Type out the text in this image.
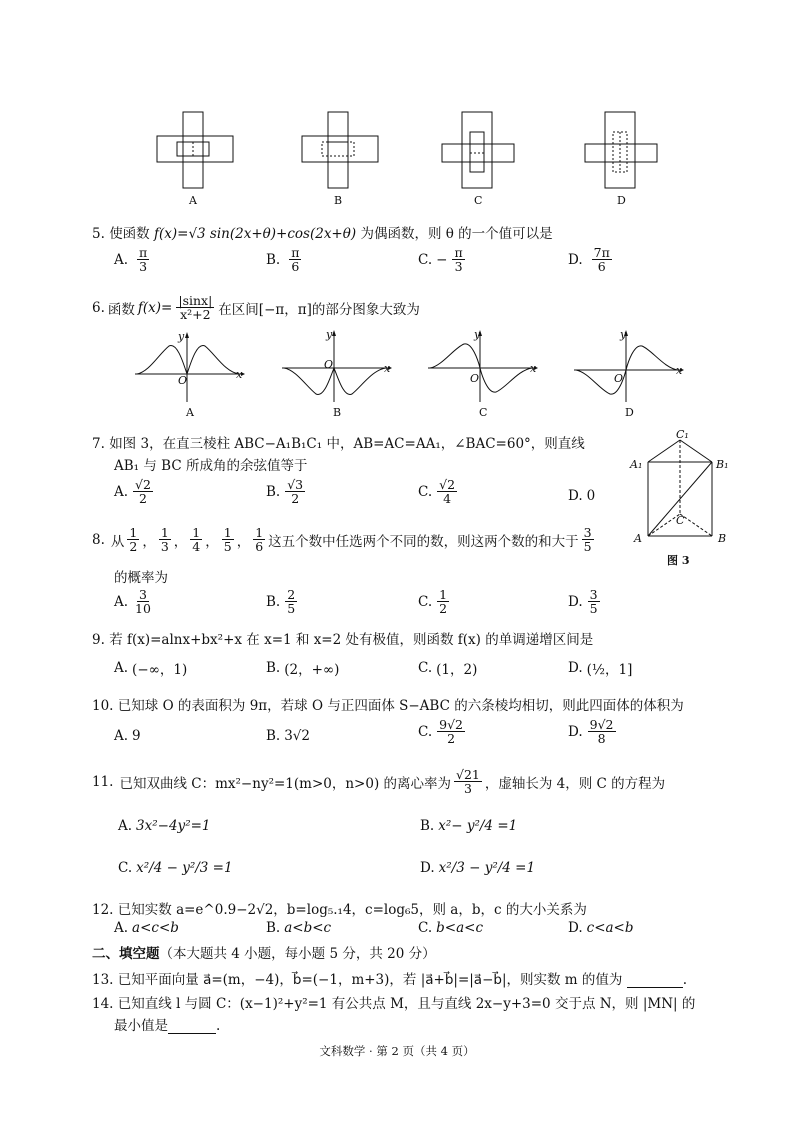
A	B	C	D
5. 使函数 f(x)=√3 sin(2x+θ)+cos(2x+θ) 为偶函数，则 θ 的一个值可以是
A. $\frac{\pi}{3}$	B. $\frac{\pi}{6}$	C. − $\frac{\pi}{3}$	D. $\frac{7\pi}{6}$
6. 函数 $f(x)= \frac{|\sin x|}{\text{x²+2}}$ 在区间[−π，π]的部分图象大致为
y
x
O
A
y
x
O
B
y
x
O
C
y
x
O
D
7. 如图 3，在直三棱柱 ABC−A₁B₁C₁ 中，AB=AC=AA₁，∠BAC=60°，则直线
AB₁ 与 BC 所成角的余弦值等于
A. $\frac{√2}{2}$	B. $\frac{√3}{2}$	C. $\frac{√2}{4}$	D. 0
C₁
A₁	B₁
C
A	B
图 3
8. 从 $\frac{1}{2}$ ， $\frac{1}{3}$ ， $\frac{1}{4}$ ， $\frac{1}{5}$ ， $\frac{1}{6}$ 这五个数中任选两个不同的数，则这两个数的和大于 $\frac{3}{5}$
的概率为
A. $\frac{3}{10}$	B. $\frac{2}{5}$	C. $\frac{1}{2}$	D. $\frac{3}{5}$
9. 若 f(x)=alnx+bx²+x 在 x=1 和 x=2 处有极值，则函数 f(x) 的单调递增区间是
A. (−∞，1)	B. (2，+∞)	C. (1，2)	D. (½，1]
10. 已知球 O 的表面积为 9π，若球 O 与正四面体 S−ABC 的六条棱均相切，则此四面体的体积为
A. 9	B. 3√2	C. $\frac{9√2}{2}$	D. $\frac{9√2}{8}$
11. 已知双曲线 C：mx²−ny²=1(m>0，n>0) 的离心率为 $\frac{√21}{3}$ ，虚轴长为 4，则 C 的方程为
A. 3x²−4y²=1	B. x²− y²/4 =1
C. x²/4 − y²/3 =1	D. x²/3 − y²/4 =1
12. 已知实数 a=e^0.9−2√2，b=log₅.₁4，c=log₆5，则 a，b，c 的大小关系为
A. a<c<b	B. a<b<c	C. b<a<c	D. c<a<b
二、填空题（本大题共 4 小题，每小题 5 分，共 20 分）
13. 已知平面向量 a⃗=(m，−4)，b⃗=(−1，m+3)，若 |a⃗+b⃗|=|a⃗−b⃗|，则实数 m 的值为	.
14. 已知直线 l 与圆 C：(x−1)²+y²=1 有公共点 M，且与直线 2x−y+3=0 交于点 N，则 |MN| 的
最小值是	.
文科数学 · 第 2 页（共 4 页）
